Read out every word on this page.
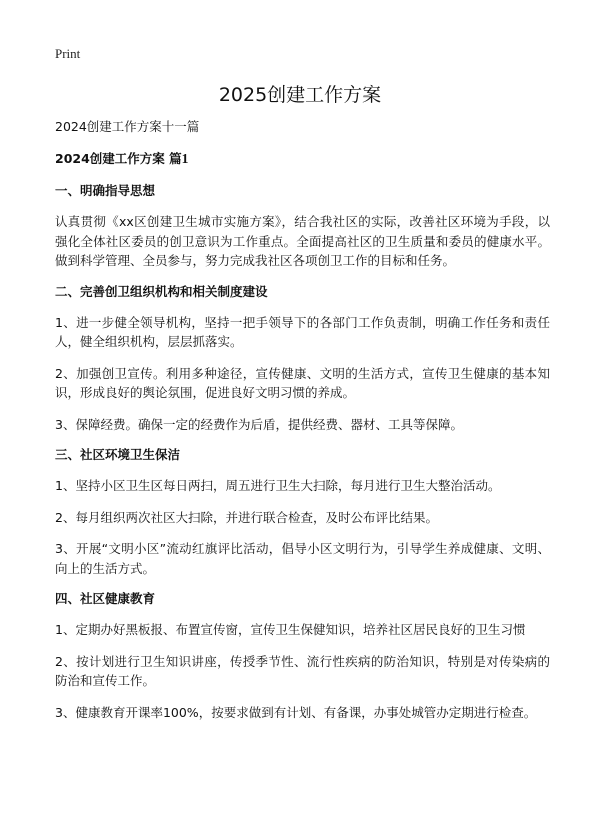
Print
2025创建工作方案

2024创建工作方案十一篇

2024创建工作方案 篇1

一、明确指导思想

认真贯彻《xx区创建卫生城市实施方案》，结合我社区的实际，改善社区环境为手段，以强化全体社区委员的创卫意识为工作重点。全面提高社区的卫生质量和委员的健康水平。做到科学管理、全员参与，努力完成我社区各项创卫工作的目标和任务。

二、完善创卫组织机构和相关制度建设

1、进一步健全领导机构，坚持一把手领导下的各部门工作负责制，明确工作任务和责任人，健全组织机构，层层抓落实。

2、加强创卫宣传。利用多种途径，宣传健康、文明的生活方式，宣传卫生健康的基本知识，形成良好的舆论氛围，促进良好文明习惯的养成。

3、保障经费。确保一定的经费作为后盾，提供经费、器材、工具等保障。

三、社区环境卫生保洁

1、坚持小区卫生区每日两扫，周五进行卫生大扫除，每月进行卫生大整治活动。

2、每月组织两次社区大扫除，并进行联合检查，及时公布评比结果。

3、开展“文明小区”流动红旗评比活动，倡导小区文明行为，引导学生养成健康、文明、向上的生活方式。

四、社区健康教育

1、定期办好黑板报、布置宣传窗，宣传卫生保健知识，培养社区居民良好的卫生习惯

2、按计划进行卫生知识讲座，传授季节性、流行性疾病的防治知识，特别是对传染病的防治和宣传工作。

3、健康教育开课率100%，按要求做到有计划、有备课，办事处城管办定期进行检查。
